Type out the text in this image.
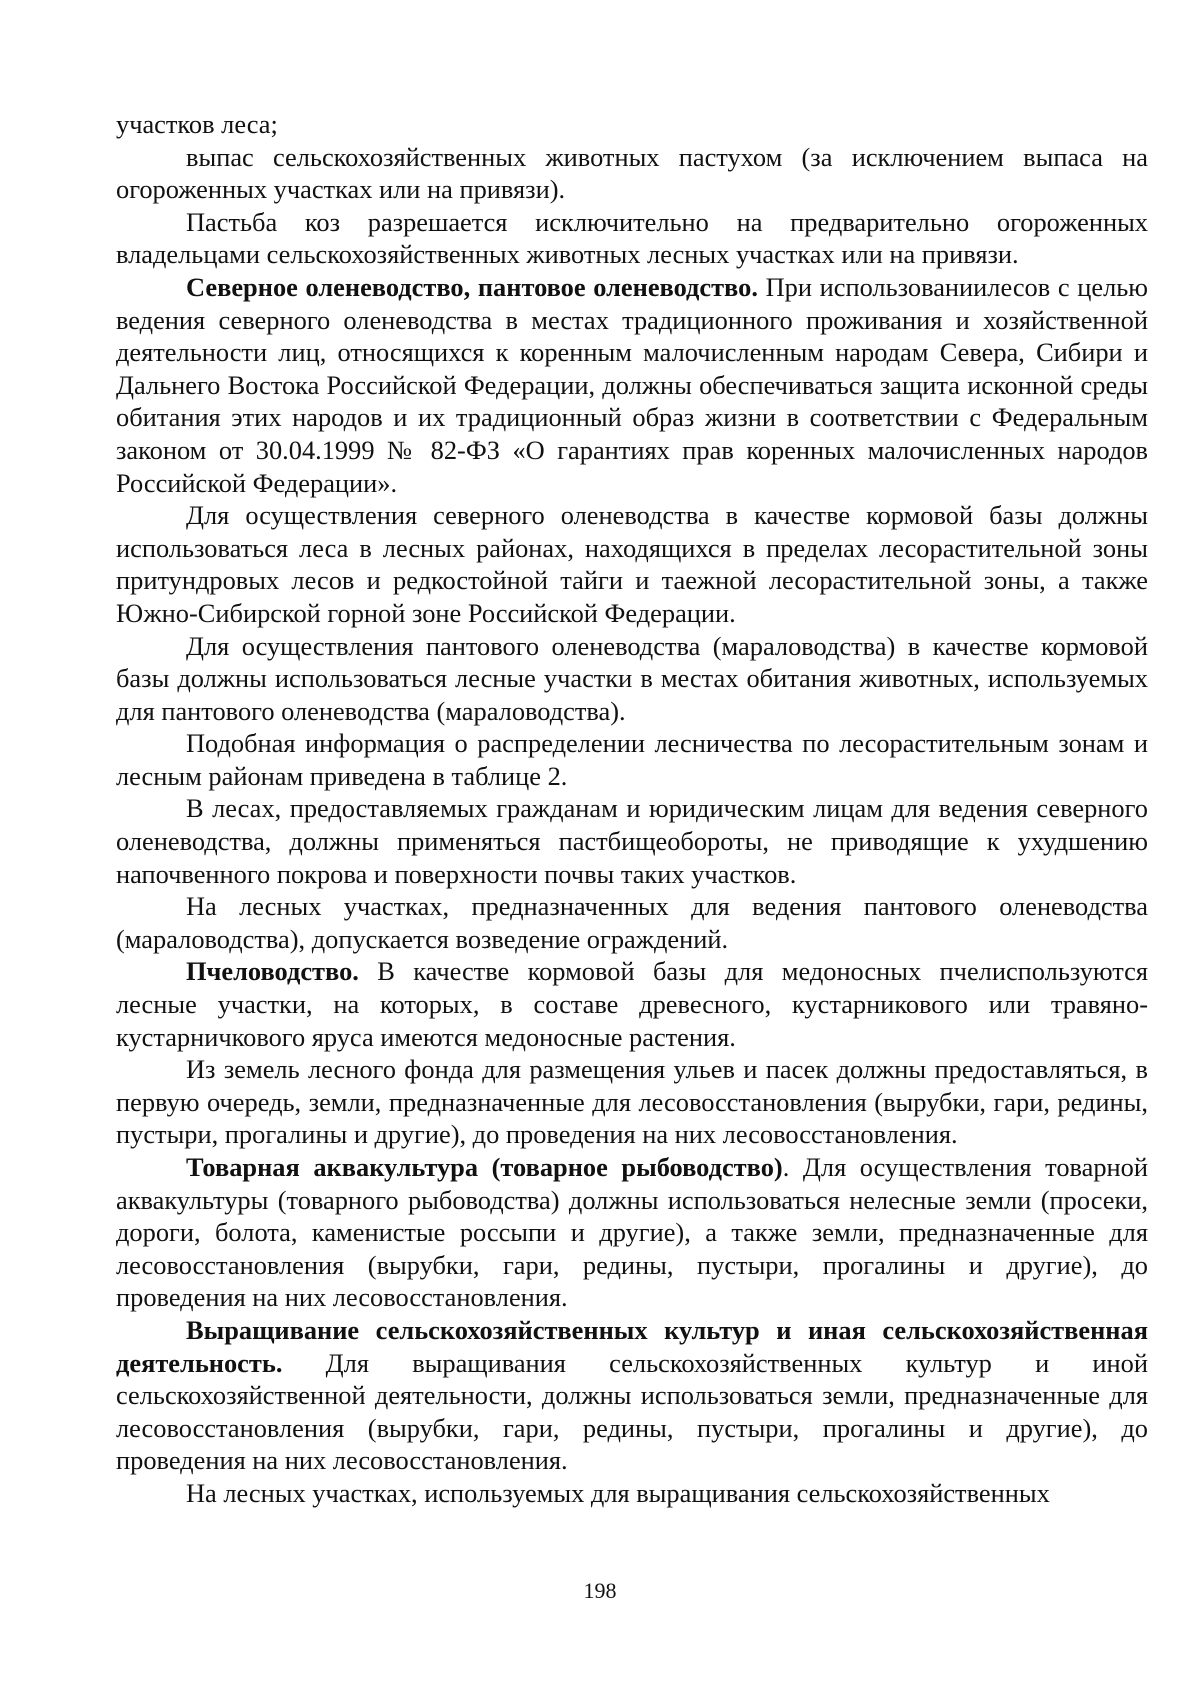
участков леса;

выпас сельскохозяйственных животных пастухом (за исключением выпаса на огороженных участках или на привязи).

Пастьба коз разрешается исключительно на предварительно огороженных владельцами сельскохозяйственных животных лесных участках или на привязи.

Северное оленеводство, пантовое оленеводство. При использованиилесов с целью ведения северного оленеводства в местах традиционного проживания и хозяйственной деятельности лиц, относящихся к коренным малочисленным народам Севера, Сибири и Дальнего Востока Российской Федерации, должны обеспечиваться защита исконной среды обитания этих народов и их традиционный образ жизни в соответствии с Федеральным законом от 30.04.1999 № 82-ФЗ «О гарантиях прав коренных малочисленных народов Российской Федерации».

Для осуществления северного оленеводства в качестве кормовой базы должны использоваться леса в лесных районах, находящихся в пределах лесорастительной зоны притундровых лесов и редкостойной тайги и таежной лесорастительной зоны, а также Южно-Сибирской горной зоне Российской Федерации.

Для осуществления пантового оленеводства (мараловодства) в качестве кормовой базы должны использоваться лесные участки в местах обитания животных, используемых для пантового оленеводства (мараловодства).

Подобная информация о распределении лесничества по лесорастительным зонам и лесным районам приведена в таблице 2.

В лесах, предоставляемых гражданам и юридическим лицам для ведения северного оленеводства, должны применяться пастбищеобороты, не приводящие к ухудшению напочвенного покрова и поверхности почвы таких участков.

На лесных участках, предназначенных для ведения пантового оленеводства (мараловодства), допускается возведение ограждений.

Пчеловодство. В качестве кормовой базы для медоносных пчелиспользуются лесные участки, на которых, в составе древесного, кустарникового или травяно-кустарничкового яруса имеются медоносные растения.

Из земель лесного фонда для размещения ульев и пасек должны предоставляться, в первую очередь, земли, предназначенные для лесовосстановления (вырубки, гари, редины, пустыри, прогалины и другие), до проведения на них лесовосстановления.

Товарная аквакультура (товарное рыбоводство). Для осуществления товарной аквакультуры (товарного рыбоводства) должны использоваться нелесные земли (просеки, дороги, болота, каменистые россыпи и другие), а также земли, предназначенные для лесовосстановления (вырубки, гари, редины, пустыри, прогалины и другие), до проведения на них лесовосстановления.

Выращивание сельскохозяйственных культур и иная сельскохозяйственная деятельность. Для выращивания сельскохозяйственных культур и иной сельскохозяйственной деятельности, должны использоваться земли, предназначенные для лесовосстановления (вырубки, гари, редины, пустыри, прогалины и другие), до проведения на них лесовосстановления.

На лесных участках, используемых для выращивания сельскохозяйственных

198
